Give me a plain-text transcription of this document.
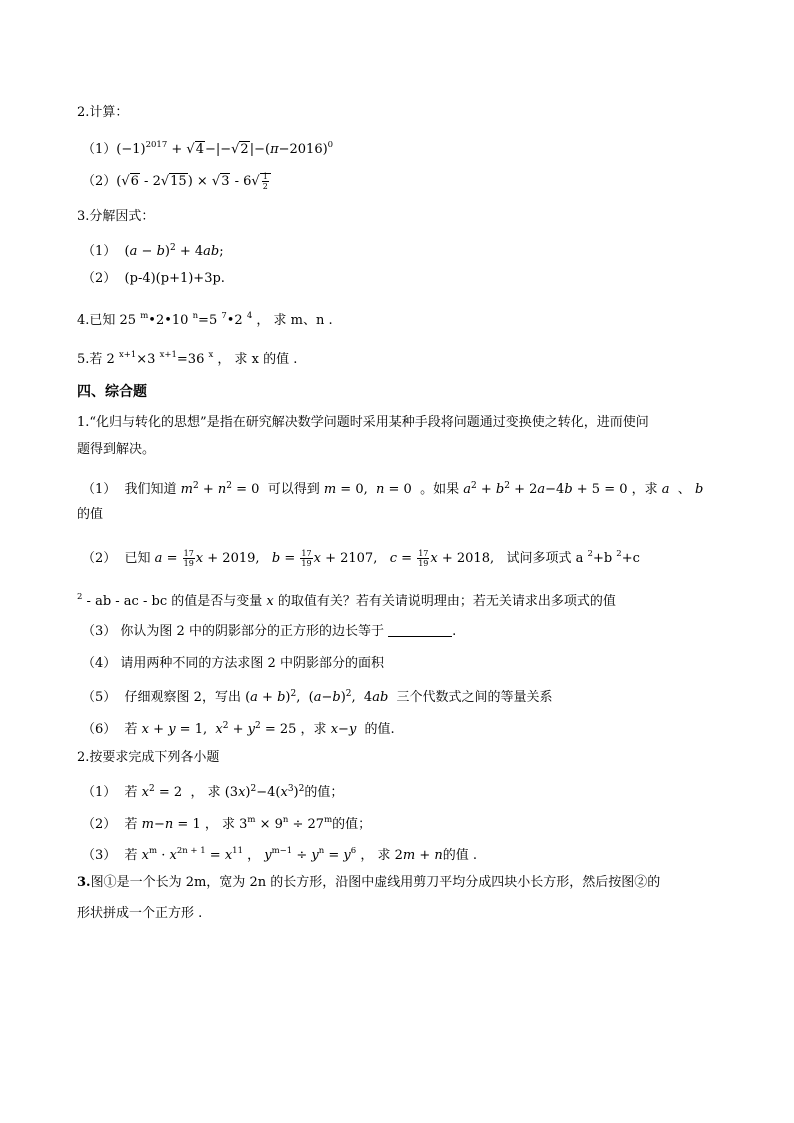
2.计算：
$(1)(-1)^{2017} + √4-|-√2|-(\pi-2016)^0$
$(2)(√6 - 2√15) \times √3 - 6√ \frac{1}{2}$
3.分解因式：
（1） $(a - b)^2 + 4ab$;
（2） (p-4)(p+1)+3p.
4.已知 25 $^m$•2•10 $^n$=5 $^7$•2 $^4$ ， 求 m、n .
5.若 2 $^{x+1}$×3 $^{x+1}$=36 $^x$ ， 求 x 的值 .
四、综合题
1.“化归与转化的思想”是指在研究解决数学问题时采用某种手段将问题通过变换使之转化，进而使问
题得到解决。
（1）  我们知道 $m^2 + n^2 = 0$  可以得到 m = 0,  n = 0  。如果 $a^2 + b^2 + 2a-4b + 5 = 0$ ，求 a  、 b
的值
（2）  已知 $a = \frac{17}{19}$ x + 2019,   $b = \frac{17}{19}$ x + 2107,   $c = \frac{17}{19}$ x + 2018,   试问多项式 a $^2$+b $^2$+c
$^2$ - ab - ac - bc 的值是否与变量 x 的取值有关？若有关请说明理由；若无关请求出多项式的值
（3） 你认为图 2 中的阴影部分的正方形的边长等于	.
（4） 请用两种不同的方法求图 2 中阴影部分的面积
（5）  仔细观察图 2，写出 $(a + b)^2$,  $(a-b)^2$,  4ab  三个代数式之间的等量关系
（6）  若 x + y = 1,  $x^2 + y^2 = 25$ ，求 x−y  的值.
2.按要求完成下列各小题
（1）  若 $x^2 = 2$  ， 求 $(3x)^2-4(x^3)^2$的值；
（2）  若 m−n = 1 ， 求 $3^m \times 9^n \div 27^m$的值；
（3）  若 $x^m \cdot x^{2n + 1} = x^{11}$ ， $y^{m-1} \div y^n = y^6$ ， 求 2m + n的值 .
3.图①是一个长为 2m，宽为 2n 的长方形，沿图中虚线用剪刀平均分成四块小长方形，然后按图②的
形状拼成一个正方形 .
